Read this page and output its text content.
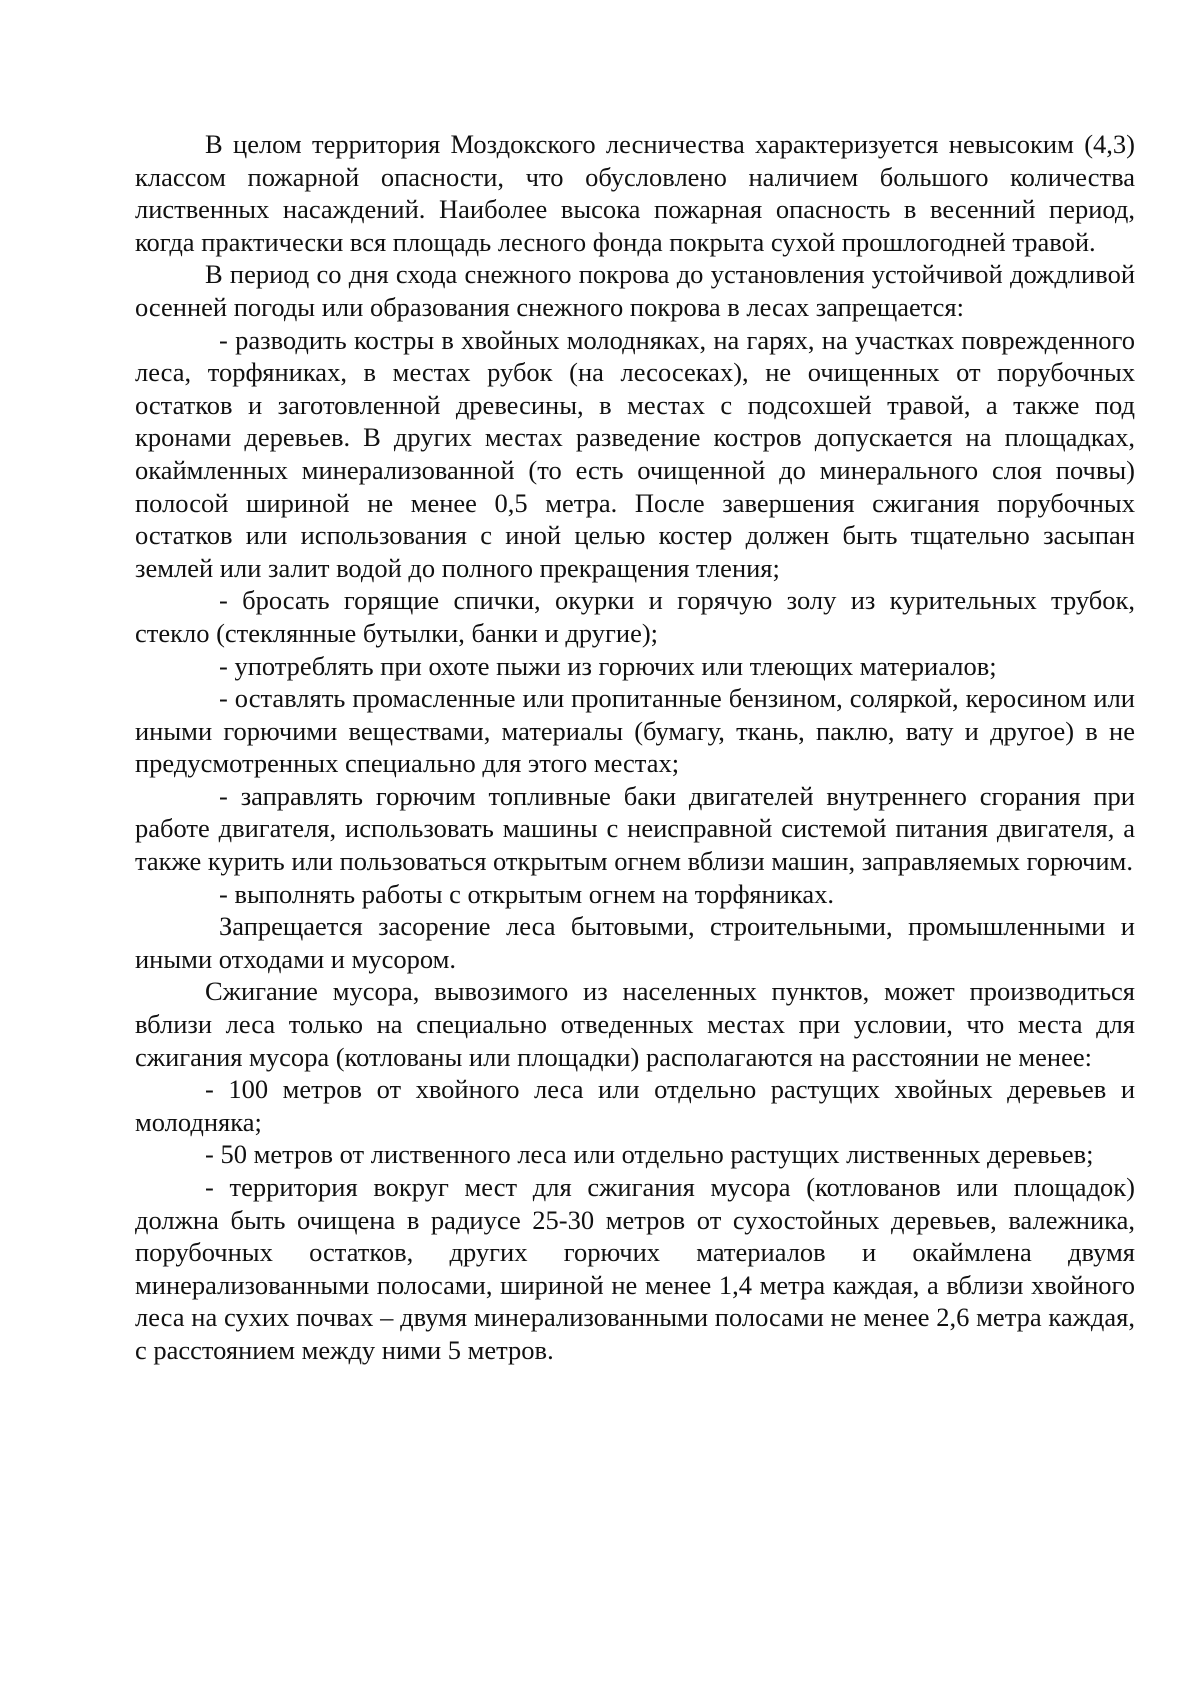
В целом территория Моздокского лесничества характеризуется невысоким (4,3) классом пожарной опасности, что обусловлено наличием большого количества лиственных насаждений. Наиболее высока пожарная опасность в весенний период, когда практически вся площадь лесного фонда покрыта сухой прошлогодней травой.

В период со дня схода снежного покрова до установления устойчивой дождливой осенней погоды или образования снежного покрова в лесах запрещается:

- разводить костры в хвойных молодняках, на гарях, на участках поврежденного леса, торфяниках, в местах рубок (на лесосеках), не очищенных от порубочных остатков и заготовленной древесины, в местах с подсохшей травой, а также под кронами деревьев. В других местах разведение костров допускается на площадках, окаймленных минерализованной (то есть очищенной до минерального слоя почвы) полосой шириной не менее 0,5 метра. После завершения сжигания порубочных остатков или использования с иной целью костер должен быть тщательно засыпан землей или залит водой до полного прекращения тления;

- бросать горящие спички, окурки и горячую золу из курительных трубок, стекло (стеклянные бутылки, банки и другие);

- употреблять при охоте пыжи из горючих или тлеющих материалов;

- оставлять промасленные или пропитанные бензином, соляркой, керосином или иными горючими веществами, материалы (бумагу, ткань, паклю, вату и другое) в не предусмотренных специально для этого местах;

- заправлять горючим топливные баки двигателей внутреннего сгорания при работе двигателя, использовать машины с неисправной системой питания двигателя, а также курить или пользоваться открытым огнем вблизи машин, заправляемых горючим.

- выполнять работы с открытым огнем на торфяниках.

Запрещается засорение леса бытовыми, строительными, промышленными и иными отходами и мусором.

Сжигание мусора, вывозимого из населенных пунктов, может производиться вблизи леса только на специально отведенных местах при условии, что места для сжигания мусора (котлованы или площадки) располагаются на расстоянии не менее:

- 100 метров от хвойного леса или отдельно растущих хвойных деревьев и молодняка;

- 50 метров от лиственного леса или отдельно растущих лиственных деревьев;

- территория вокруг мест для сжигания мусора (котлованов или площадок) должна быть очищена в радиусе 25-30 метров от сухостойных деревьев, валежника, порубочных остатков, других горючих материалов и окаймлена двумя минерализованными полосами, шириной не менее 1,4 метра каждая, а вблизи хвойного леса на сухих почвах – двумя минерализованными полосами не менее 2,6 метра каждая, с расстоянием между ними 5 метров.
